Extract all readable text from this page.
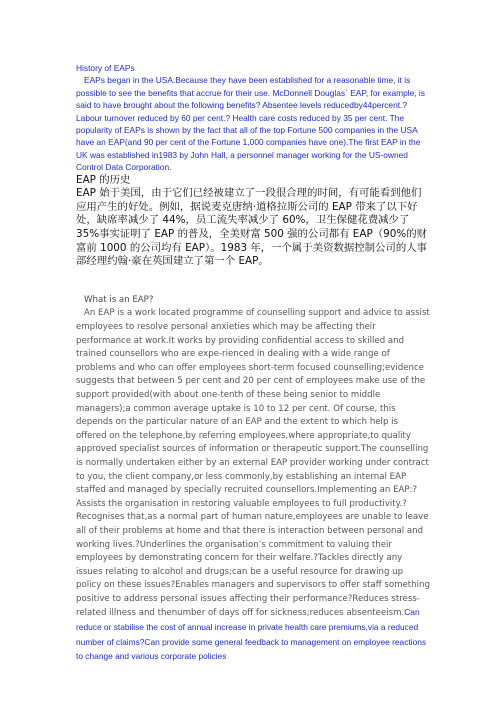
History of EAPs

EAPs began in the USA.Because they have been established for a reasonable time, it is possible to see the benefits that accrue for their use. McDonnell Douglas` EAP, for example, is said to have brought about the following benefits? Absentee levels reducedby44percent.?Labour turnover reduced by 60 per cent.? Health care costs reduced by 35 per cent. The popularity of EAPs is shown by the fact that all of the top Fortune 500 companies in the USA have an EAP(and 90 per cent of the Fortune 1,000 companies have one).The first EAP in the UK was established in1983 by John Hall, a personnel manager working for the US-owned Control Data Corporation.

EAP 的历史

EAP 始于美国，由于它们已经被建立了一段很合理的时间，有可能看到他们应用产生的好处。例如，据说麦克唐纳·道格拉斯公司的 EAP 带来了以下好处，缺席率减少了 44%，员工流失率减少了 60%，卫生保健花费减少了 35%事实证明了 EAP 的普及，全美财富 500 强的公司都有 EAP（90%的财富前 1000 的公司均有 EAP）。1983 年，一个属于美资数据控制公司的人事部经理约翰·豪在英国建立了第一个 EAP。

What is an EAP?

An EAP is a work located programme of counselling support and advice to assist employees to resolve personal anxieties which may be affecting their performance at work.It works by providing confidential access to skilled and trained counsellors who are expe-rienced in dealing with a wide range of problems and who can offer employees short-term focused counselling;evidence suggests that between 5 per cent and 20 per cent of employees make use of the support provided(with about one-tenth of these being senior to middle managers);a common average uptake is 10 to 12 per cent. Of course, this depends on the particular nature of an EAP and the extent to which help is offered on the telephone,by referring employees,where appropriate,to quality approved specialist sources of information or therapeutic support.The counselling is normally undertaken either by an external EAP provider working under contract to you, the client company,or less commonly,by establishing an internal EAP staffed and managed by specially recruited counsellors.Implementing an EAP:?Assists the organisation in restoring valuable employees to full productivity.?Recognises that,as a normal part of human nature,employees are unable to leave all of their problems at home and that there is interaction between personal and working lives.?Underlines the organisation’s commitment to valuing their employees by demonstrating concern for their welfare.?Tackles directly any issues relating to alcohol and drugs;can be a useful resource for drawing up policy on these issues?Enables managers and supervisors to offer staff something positive to address personal issues affecting their performance?Reduces stress-related illness and thenumber of days off for sickness;reduces absenteeism.Can reduce or stabilise the cost of annual increase in private health care premiums,via a reduced number of claims?Can provide some general feedback to management on employee reactions to change and various corporate policies
